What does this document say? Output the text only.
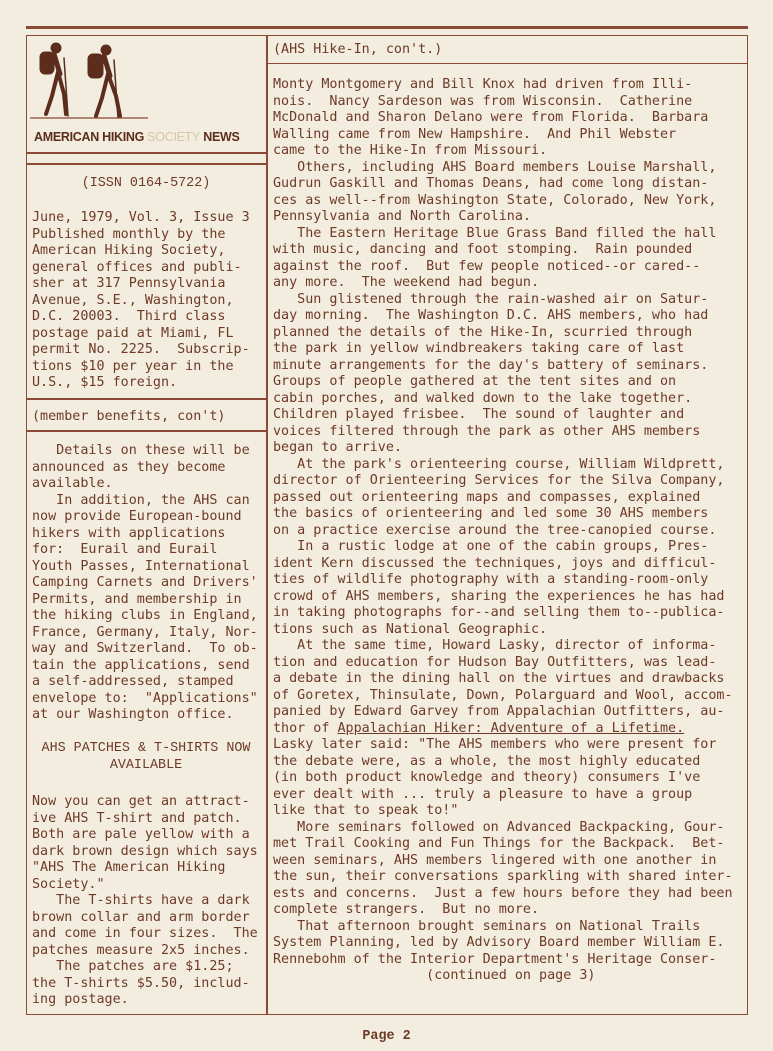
AMERICAN HIKING SOCIETY NEWS
(ISSN 0164-5722)
June, 1979, Vol. 3, Issue 3
Published monthly by the
American Hiking Society,
general offices and publi-
sher at 317 Pennsylvania
Avenue, S.E., Washington,
D.C. 20003.  Third class
postage paid at Miami, FL
permit No. 2225.  Subscrip-
tions $10 per year in the
U.S., $15 foreign.
(member benefits, con't)
Details on these will be
announced as they become
available.
In addition, the AHS can
now provide European-bound
hikers with applications
for:  Eurail and Eurail
Youth Passes, International
Camping Carnets and Drivers'
Permits, and membership in
the hiking clubs in England,
France, Germany, Italy, Nor-
way and Switzerland.  To ob-
tain the applications, send
a self-addressed, stamped
envelope to:  "Applications"
at our Washington office.
AHS PATCHES & T-SHIRTS NOW
AVAILABLE
Now you can get an attract-
ive AHS T-shirt and patch.
Both are pale yellow with a
dark brown design which says
"AHS The American Hiking
Society."
The T-shirts have a dark
brown collar and arm border
and come in four sizes.  The
patches measure 2x5 inches.
The patches are $1.25;
the T-shirts $5.50, includ-
ing postage.
(AHS Hike-In, con't.)
Monty Montgomery and Bill Knox had driven from Illi-
nois.  Nancy Sardeson was from Wisconsin.  Catherine
McDonald and Sharon Delano were from Florida.  Barbara
Walling came from New Hampshire.  And Phil Webster
came to the Hike-In from Missouri.
Others, including AHS Board members Louise Marshall,
Gudrun Gaskill and Thomas Deans, had come long distan-
ces as well--from Washington State, Colorado, New York,
Pennsylvania and North Carolina.
The Eastern Heritage Blue Grass Band filled the hall
with music, dancing and foot stomping.  Rain pounded
against the roof.  But few people noticed--or cared--
any more.  The weekend had begun.
Sun glistened through the rain-washed air on Satur-
day morning.  The Washington D.C. AHS members, who had
planned the details of the Hike-In, scurried through
the park in yellow windbreakers taking care of last
minute arrangements for the day's battery of seminars.
Groups of people gathered at the tent sites and on
cabin porches, and walked down to the lake together.
Children played frisbee.  The sound of laughter and
voices filtered through the park as other AHS members
began to arrive.
At the park's orienteering course, William Wildprett,
director of Orienteering Services for the Silva Company,
passed out orienteering maps and compasses, explained
the basics of orienteering and led some 30 AHS members
on a practice exercise around the tree-canopied course.
In a rustic lodge at one of the cabin groups, Pres-
ident Kern discussed the techniques, joys and difficul-
ties of wildlife photography with a standing-room-only
crowd of AHS members, sharing the experiences he has had
in taking photographs for--and selling them to--publica-
tions such as National Geographic.
At the same time, Howard Lasky, director of informa-
tion and education for Hudson Bay Outfitters, was lead-
a debate in the dining hall on the virtues and drawbacks
of Goretex, Thinsulate, Down, Polarguard and Wool, accom-
panied by Edward Garvey from Appalachian Outfitters, au-
thor of Appalachian Hiker: Adventure of a Lifetime.
Lasky later said: "The AHS members who were present for
the debate were, as a whole, the most highly educated
(in both product knowledge and theory) consumers I've
ever dealt with ... truly a pleasure to have a group
like that to speak to!"
More seminars followed on Advanced Backpacking, Gour-
met Trail Cooking and Fun Things for the Backpack.  Bet-
ween seminars, AHS members lingered with one another in
the sun, their conversations sparkling with shared inter-
ests and concerns.  Just a few hours before they had been
complete strangers.  But no more.
That afternoon brought seminars on National Trails
System Planning, led by Advisory Board member William E.
Rennebohm of the Interior Department's Heritage Conser-
(continued on page 3)
Page 2
